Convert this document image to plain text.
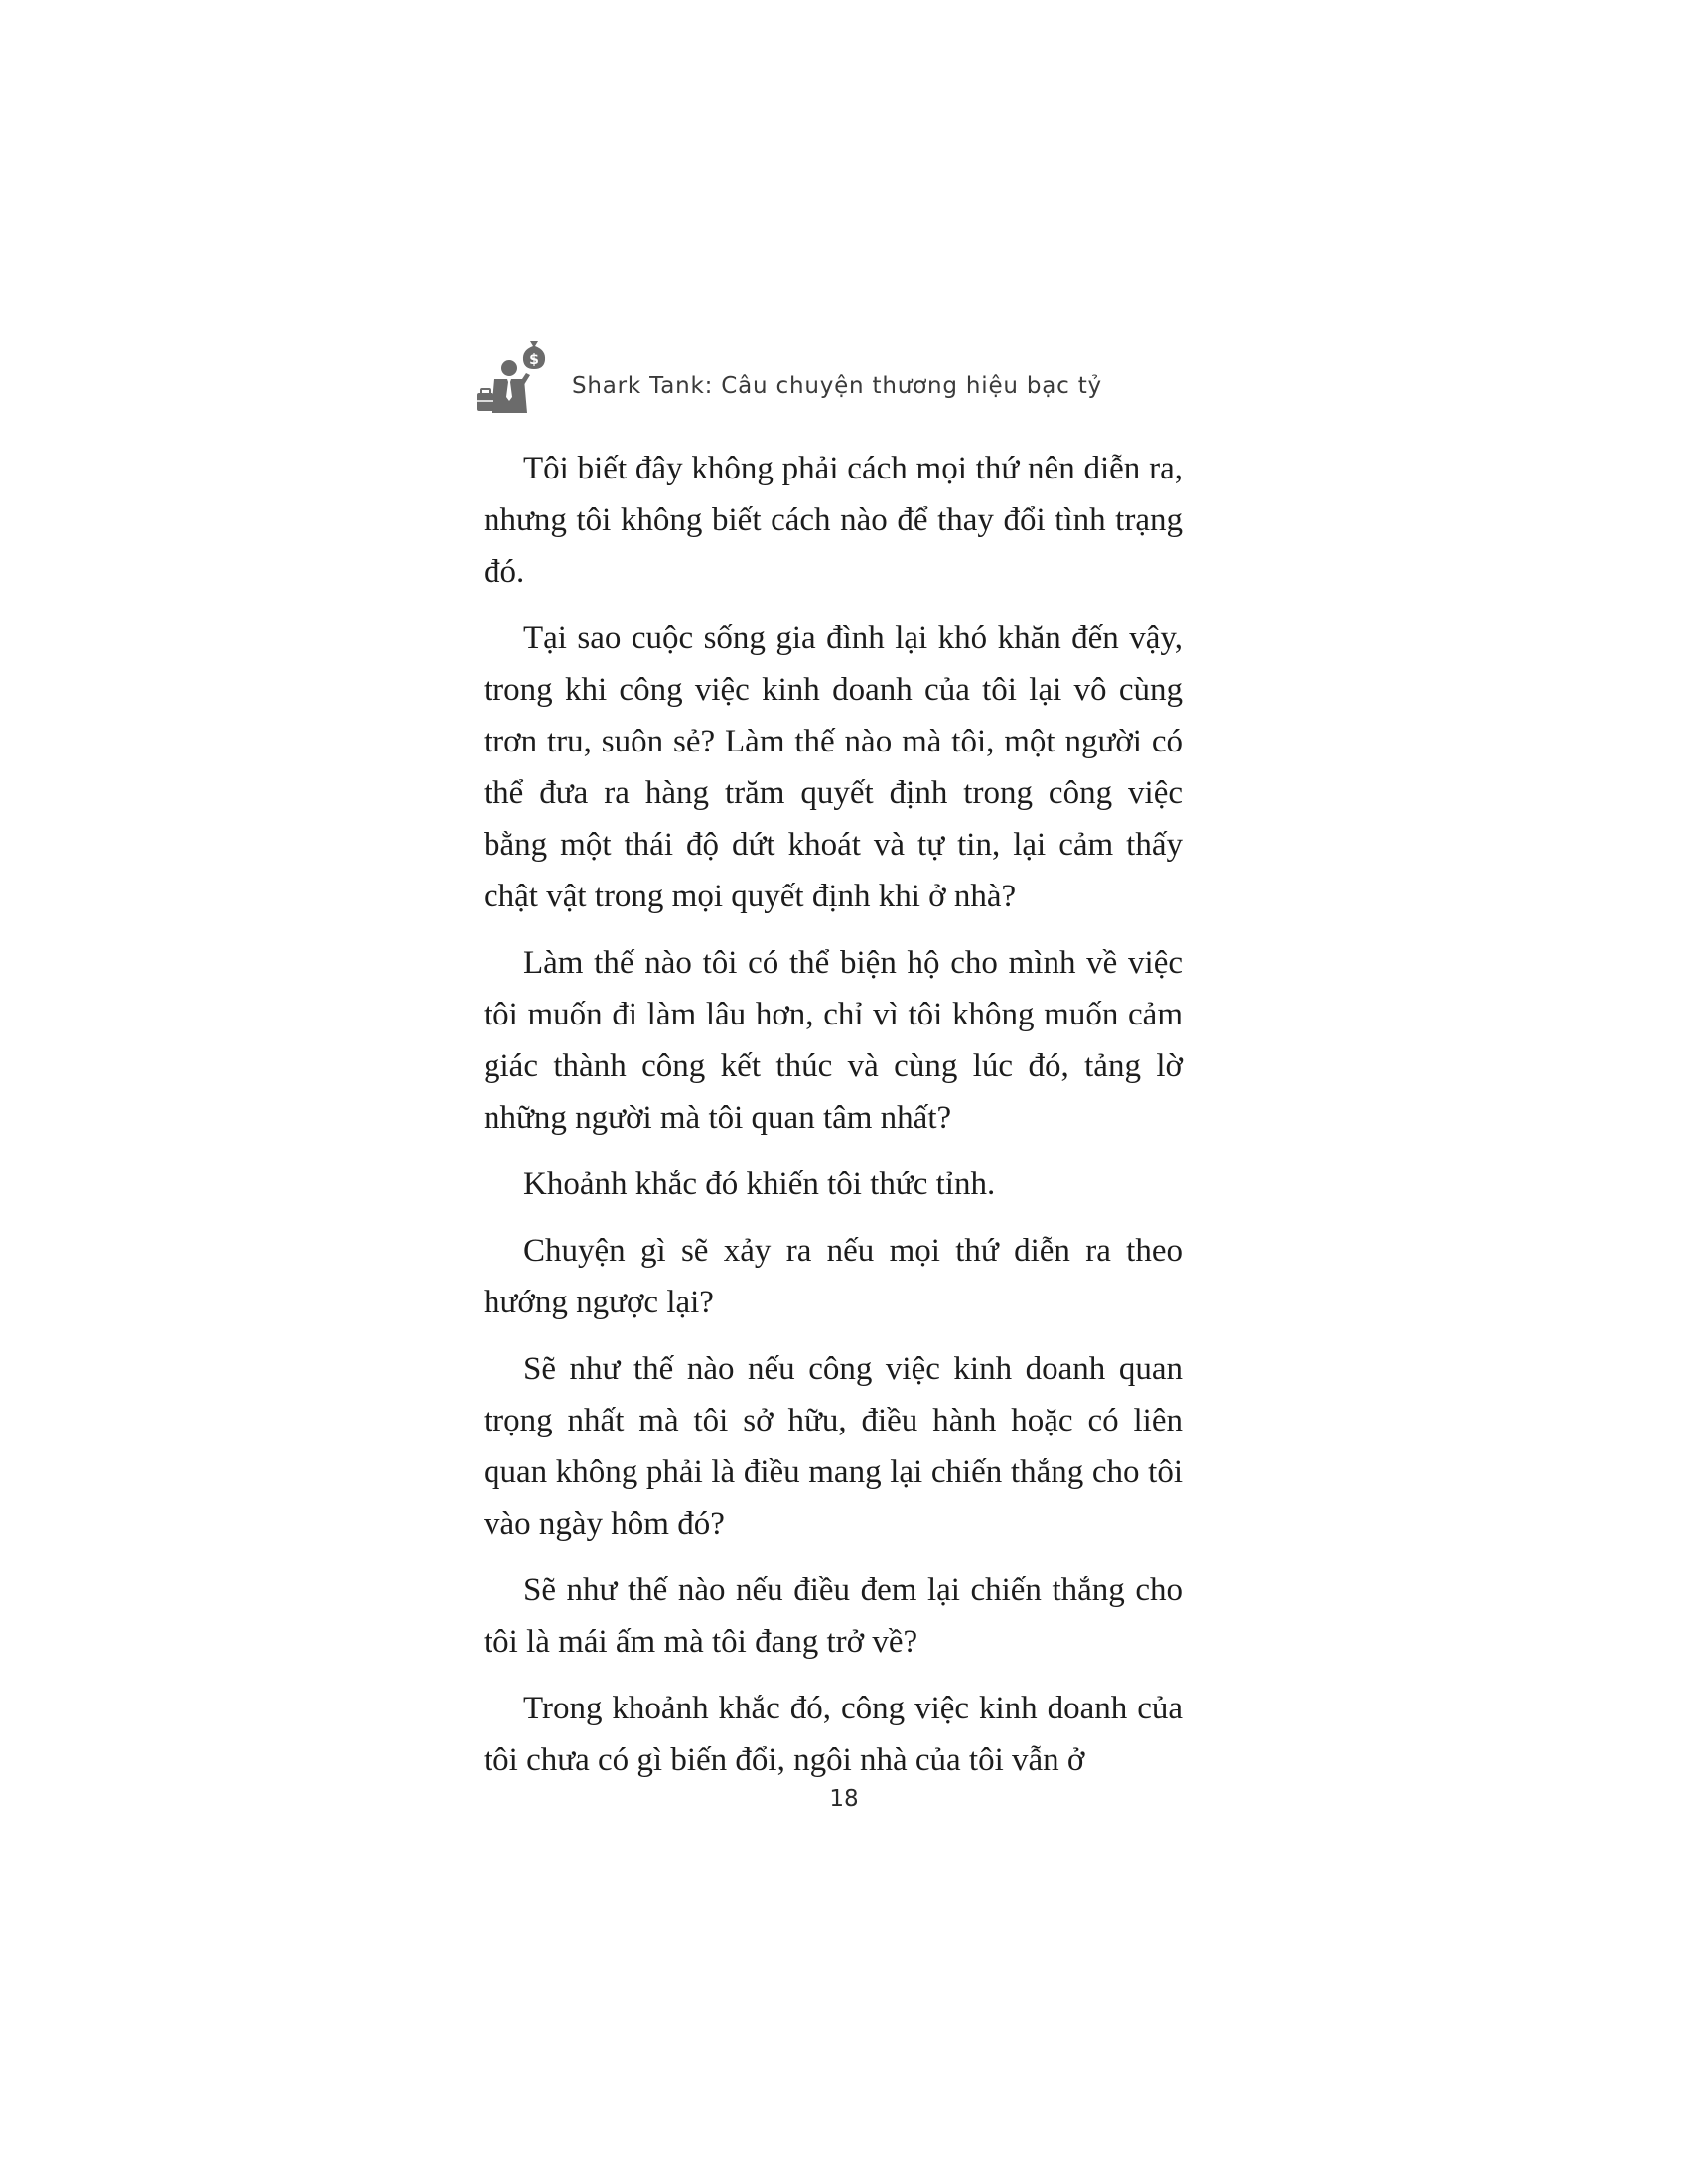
$
Shark Tank: Câu chuyện thương hiệu bạc tỷ

Tôi biết đây không phải cách mọi thứ nên diễn ra, nhưng tôi không biết cách nào để thay đổi tình trạng đó.

Tại sao cuộc sống gia đình lại khó khăn đến vậy, trong khi công việc kinh doanh của tôi lại vô cùng trơn tru, suôn sẻ? Làm thế nào mà tôi, một người có thể đưa ra hàng trăm quyết định trong công việc bằng một thái độ dứt khoát và tự tin, lại cảm thấy chật vật trong mọi quyết định khi ở nhà?

Làm thế nào tôi có thể biện hộ cho mình về việc tôi muốn đi làm lâu hơn, chỉ vì tôi không muốn cảm giác thành công kết thúc và cùng lúc đó, tảng lờ những người mà tôi quan tâm nhất?

Khoảnh khắc đó khiến tôi thức tỉnh.

Chuyện gì sẽ xảy ra nếu mọi thứ diễn ra theo hướng ngược lại?

Sẽ như thế nào nếu công việc kinh doanh quan trọng nhất mà tôi sở hữu, điều hành hoặc có liên quan không phải là điều mang lại chiến thắng cho tôi vào ngày hôm đó?

Sẽ như thế nào nếu điều đem lại chiến thắng cho tôi là mái ấm mà tôi đang trở về?

Trong khoảnh khắc đó, công việc kinh doanh của tôi chưa có gì biến đổi, ngôi nhà của tôi vẫn ở

18
